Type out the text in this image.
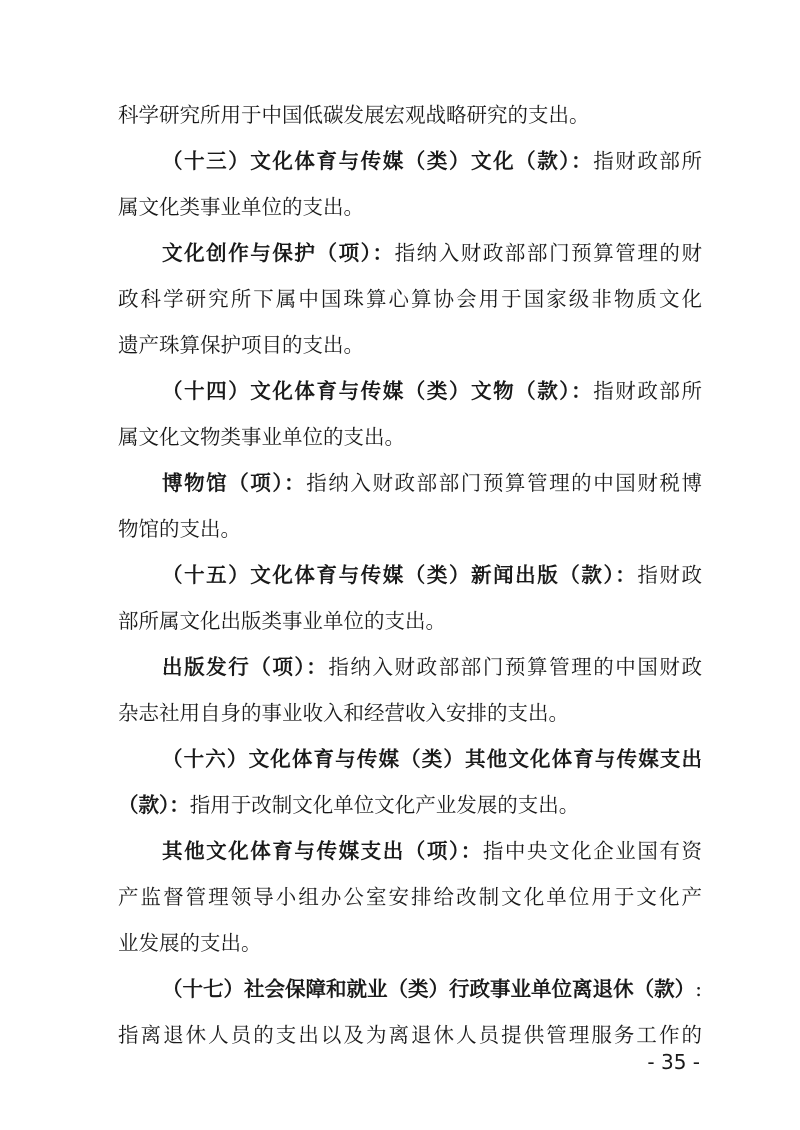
科学研究所用于中国低碳发展宏观战略研究的支出。
（十三）文化体育与传媒（类）文化（款）：指财政部所
属文化类事业单位的支出。
文化创作与保护（项）：指纳入财政部部门预算管理的财
政科学研究所下属中国珠算心算协会用于国家级非物质文化
遗产珠算保护项目的支出。
（十四）文化体育与传媒（类）文物（款）：指财政部所
属文化文物类事业单位的支出。
博物馆（项）：指纳入财政部部门预算管理的中国财税博
物馆的支出。
（十五）文化体育与传媒（类）新闻出版（款）：指财政
部所属文化出版类事业单位的支出。
出版发行（项）：指纳入财政部部门预算管理的中国财政
杂志社用自身的事业收入和经营收入安排的支出。
（十六）文化体育与传媒（类）其他文化体育与传媒支出
（款）：指用于改制文化单位文化产业发展的支出。
其他文化体育与传媒支出（项）：指中央文化企业国有资
产监督管理领导小组办公室安排给改制文化单位用于文化产
业发展的支出。
（十七）社会保障和就业（类）行政事业单位离退休（款）:
指离退休人员的支出以及为离退休人员提供管理服务工作的
- 35 -
